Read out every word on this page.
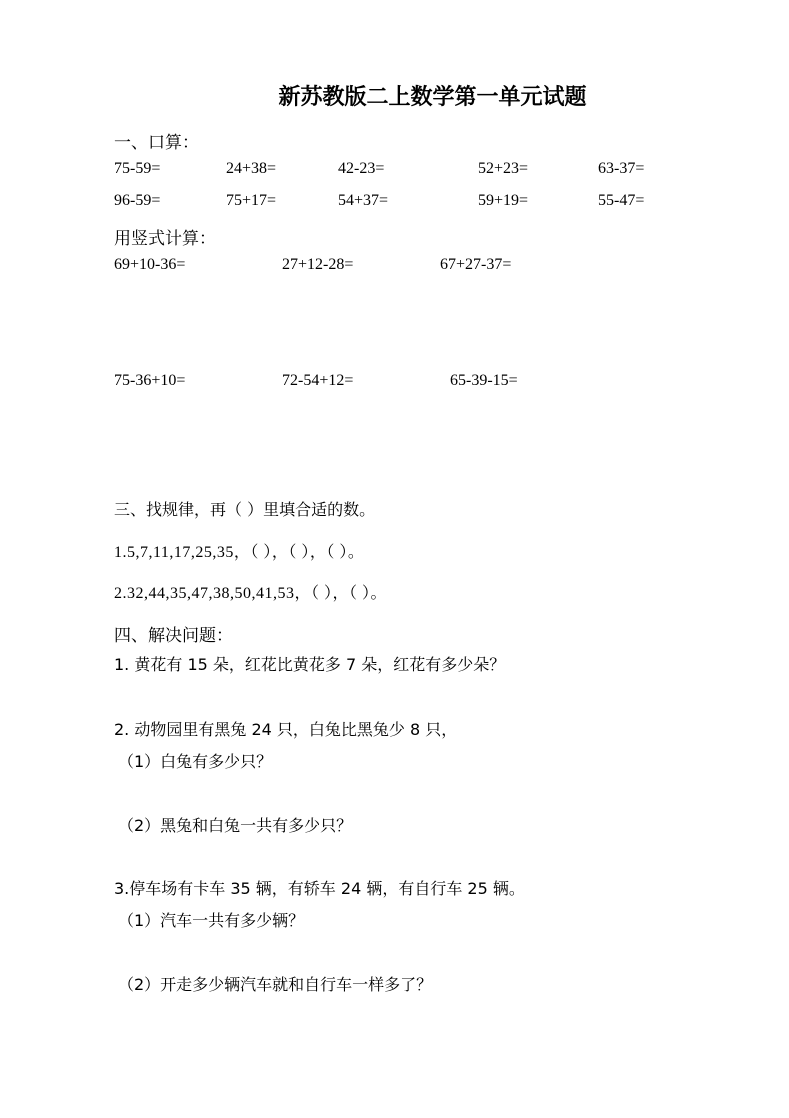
新苏教版二上数学第一单元试题
一、口算：
75-59=	24+38=	42-23=	52+23=	63-37=
96-59=	75+17=	54+37=	59+19=	55-47=
用竖式计算：
69+10-36=	27+12-28=	67+27-37=
75-36+10=	72-54+12=	65-39-15=
三、找规律，再（ ）里填合适的数。
1.5,7,11,17,25,35，（ ），（ ），（ ）。
2.32,44,35,47,38,50,41,53，（ ），（ ）。
四、解决问题：
1. 黄花有 15 朵，红花比黄花多 7 朵，红花有多少朵？
2. 动物园里有黑兔 24 只，白兔比黑兔少 8 只，
（1）白兔有多少只？
（2）黑兔和白兔一共有多少只？
3.停车场有卡车 35 辆，有轿车 24 辆，有自行车 25 辆。
（1）汽车一共有多少辆？
（2）开走多少辆汽车就和自行车一样多了？
